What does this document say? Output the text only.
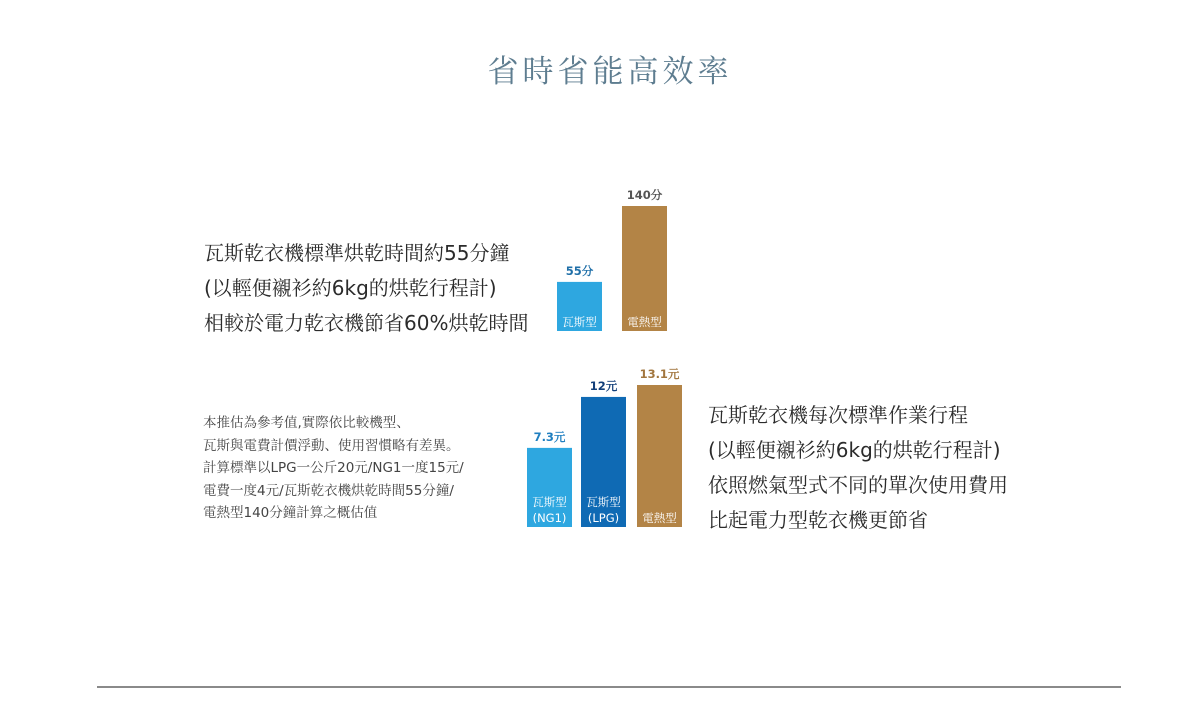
省時省能高效率
瓦斯乾衣機標準烘乾時間約55分鐘
(以輕便襯衫約6kg的烘乾行程計)
相較於電力乾衣機節省60%烘乾時間
55分
瓦斯型
140分
電熱型
7.3元
瓦斯型
(NG1)
12元
瓦斯型
(LPG)
13.1元
電熱型
本推估為參考值,實際依比較機型、
瓦斯與電費計價浮動、使用習慣略有差異。
計算標準以LPG一公斤20元/NG1一度15元/
電費一度4元/瓦斯乾衣機烘乾時間55分鐘/
電熱型140分鐘計算之概估值
瓦斯乾衣機每次標準作業行程
(以輕便襯衫約6kg的烘乾行程計)
依照燃氣型式不同的單次使用費用
比起電力型乾衣機更節省
